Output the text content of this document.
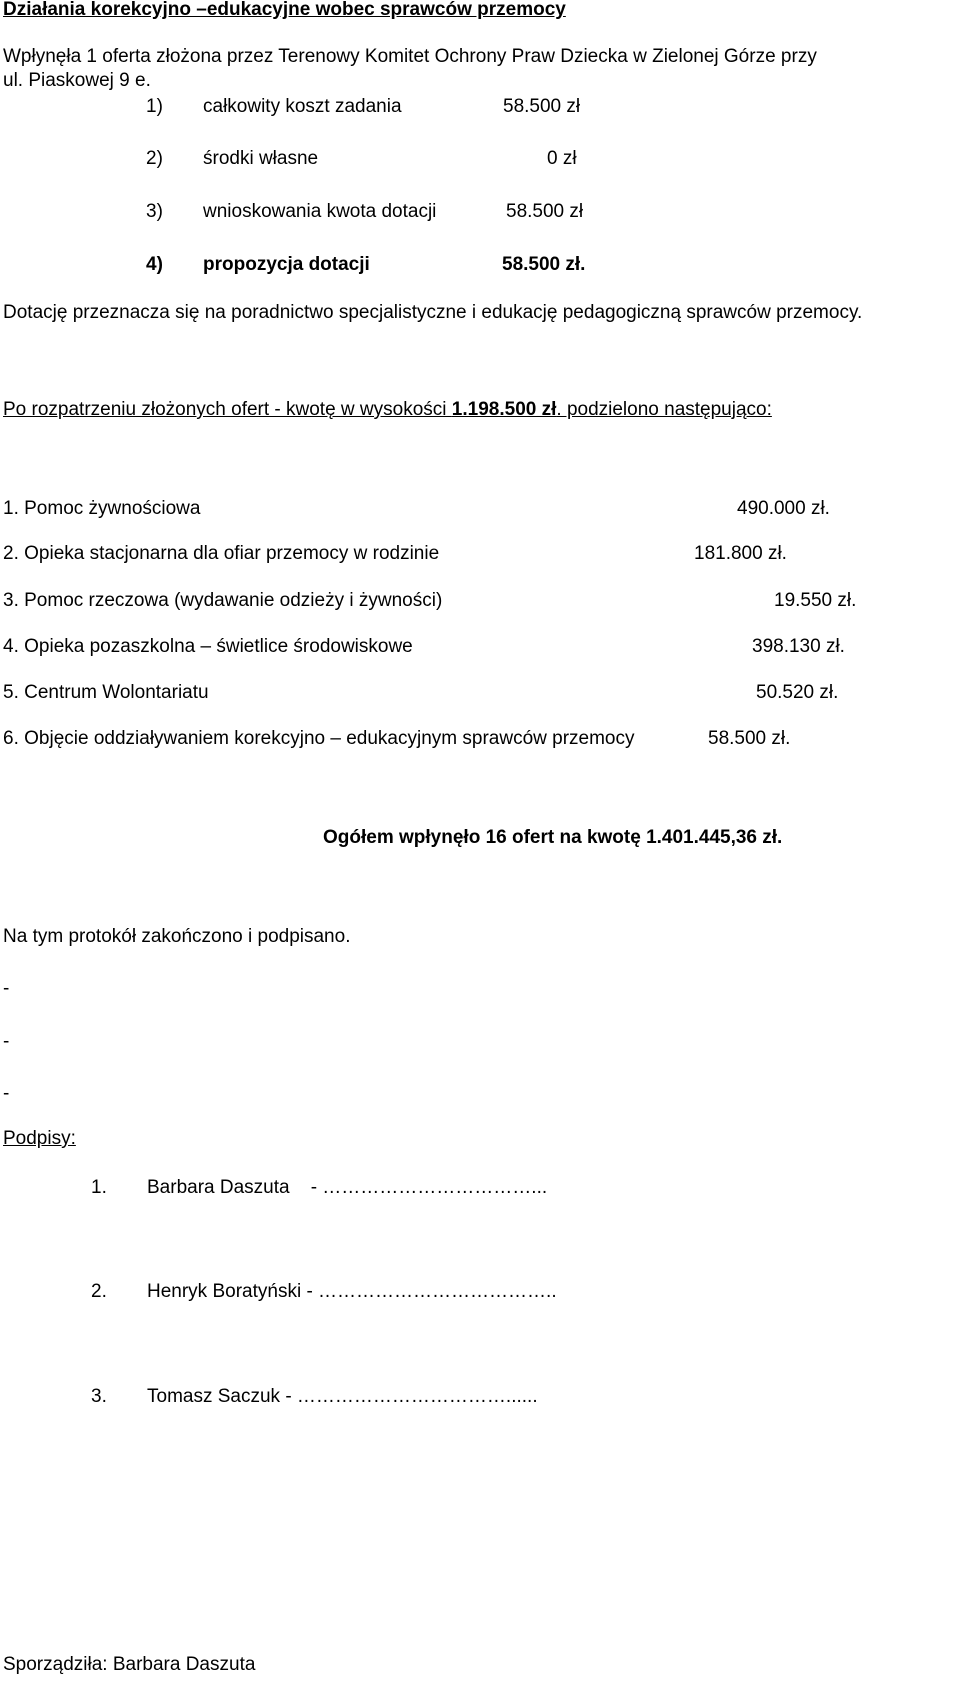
Działania korekcyjno –edukacyjne wobec sprawców przemocy
Wpłynęła 1 oferta złożona przez Terenowy Komitet Ochrony Praw Dziecka w Zielonej Górze przy
ul. Piaskowej 9 e.
1) całkowity koszt zadania	58.500 zł
2) środki własne	0 zł
3) wnioskowania kwota dotacji	58.500 zł
4) propozycja dotacji	58.500 zł.
Dotację przeznacza się na poradnictwo specjalistyczne i edukację pedagogiczną sprawców przemocy.
Po rozpatrzeniu złożonych ofert - kwotę w wysokości 1.198.500 zł. podzielono następująco:
1. Pomoc żywnościowa	490.000 zł.
2. Opieka stacjonarna dla ofiar przemocy w rodzinie	181.800 zł.
3. Pomoc rzeczowa (wydawanie odzieży i żywności)	19.550 zł.
4. Opieka pozaszkolna – świetlice środowiskowe	398.130 zł.
5. Centrum Wolontariatu	50.520 zł.
6. Objęcie oddziaływaniem korekcyjno – edukacyjnym sprawców przemocy	58.500 zł.
Ogółem wpłynęło 16 ofert na kwotę 1.401.445,36 zł.
Na tym protokół zakończono i podpisano.
-
-
-
Podpisy:
1. Barbara Daszuta    - ……………………………...
2. Henryk Boratyński - ………………………………..
3. Tomasz Saczuk - ……………………………......
Sporządziła: Barbara Daszuta
